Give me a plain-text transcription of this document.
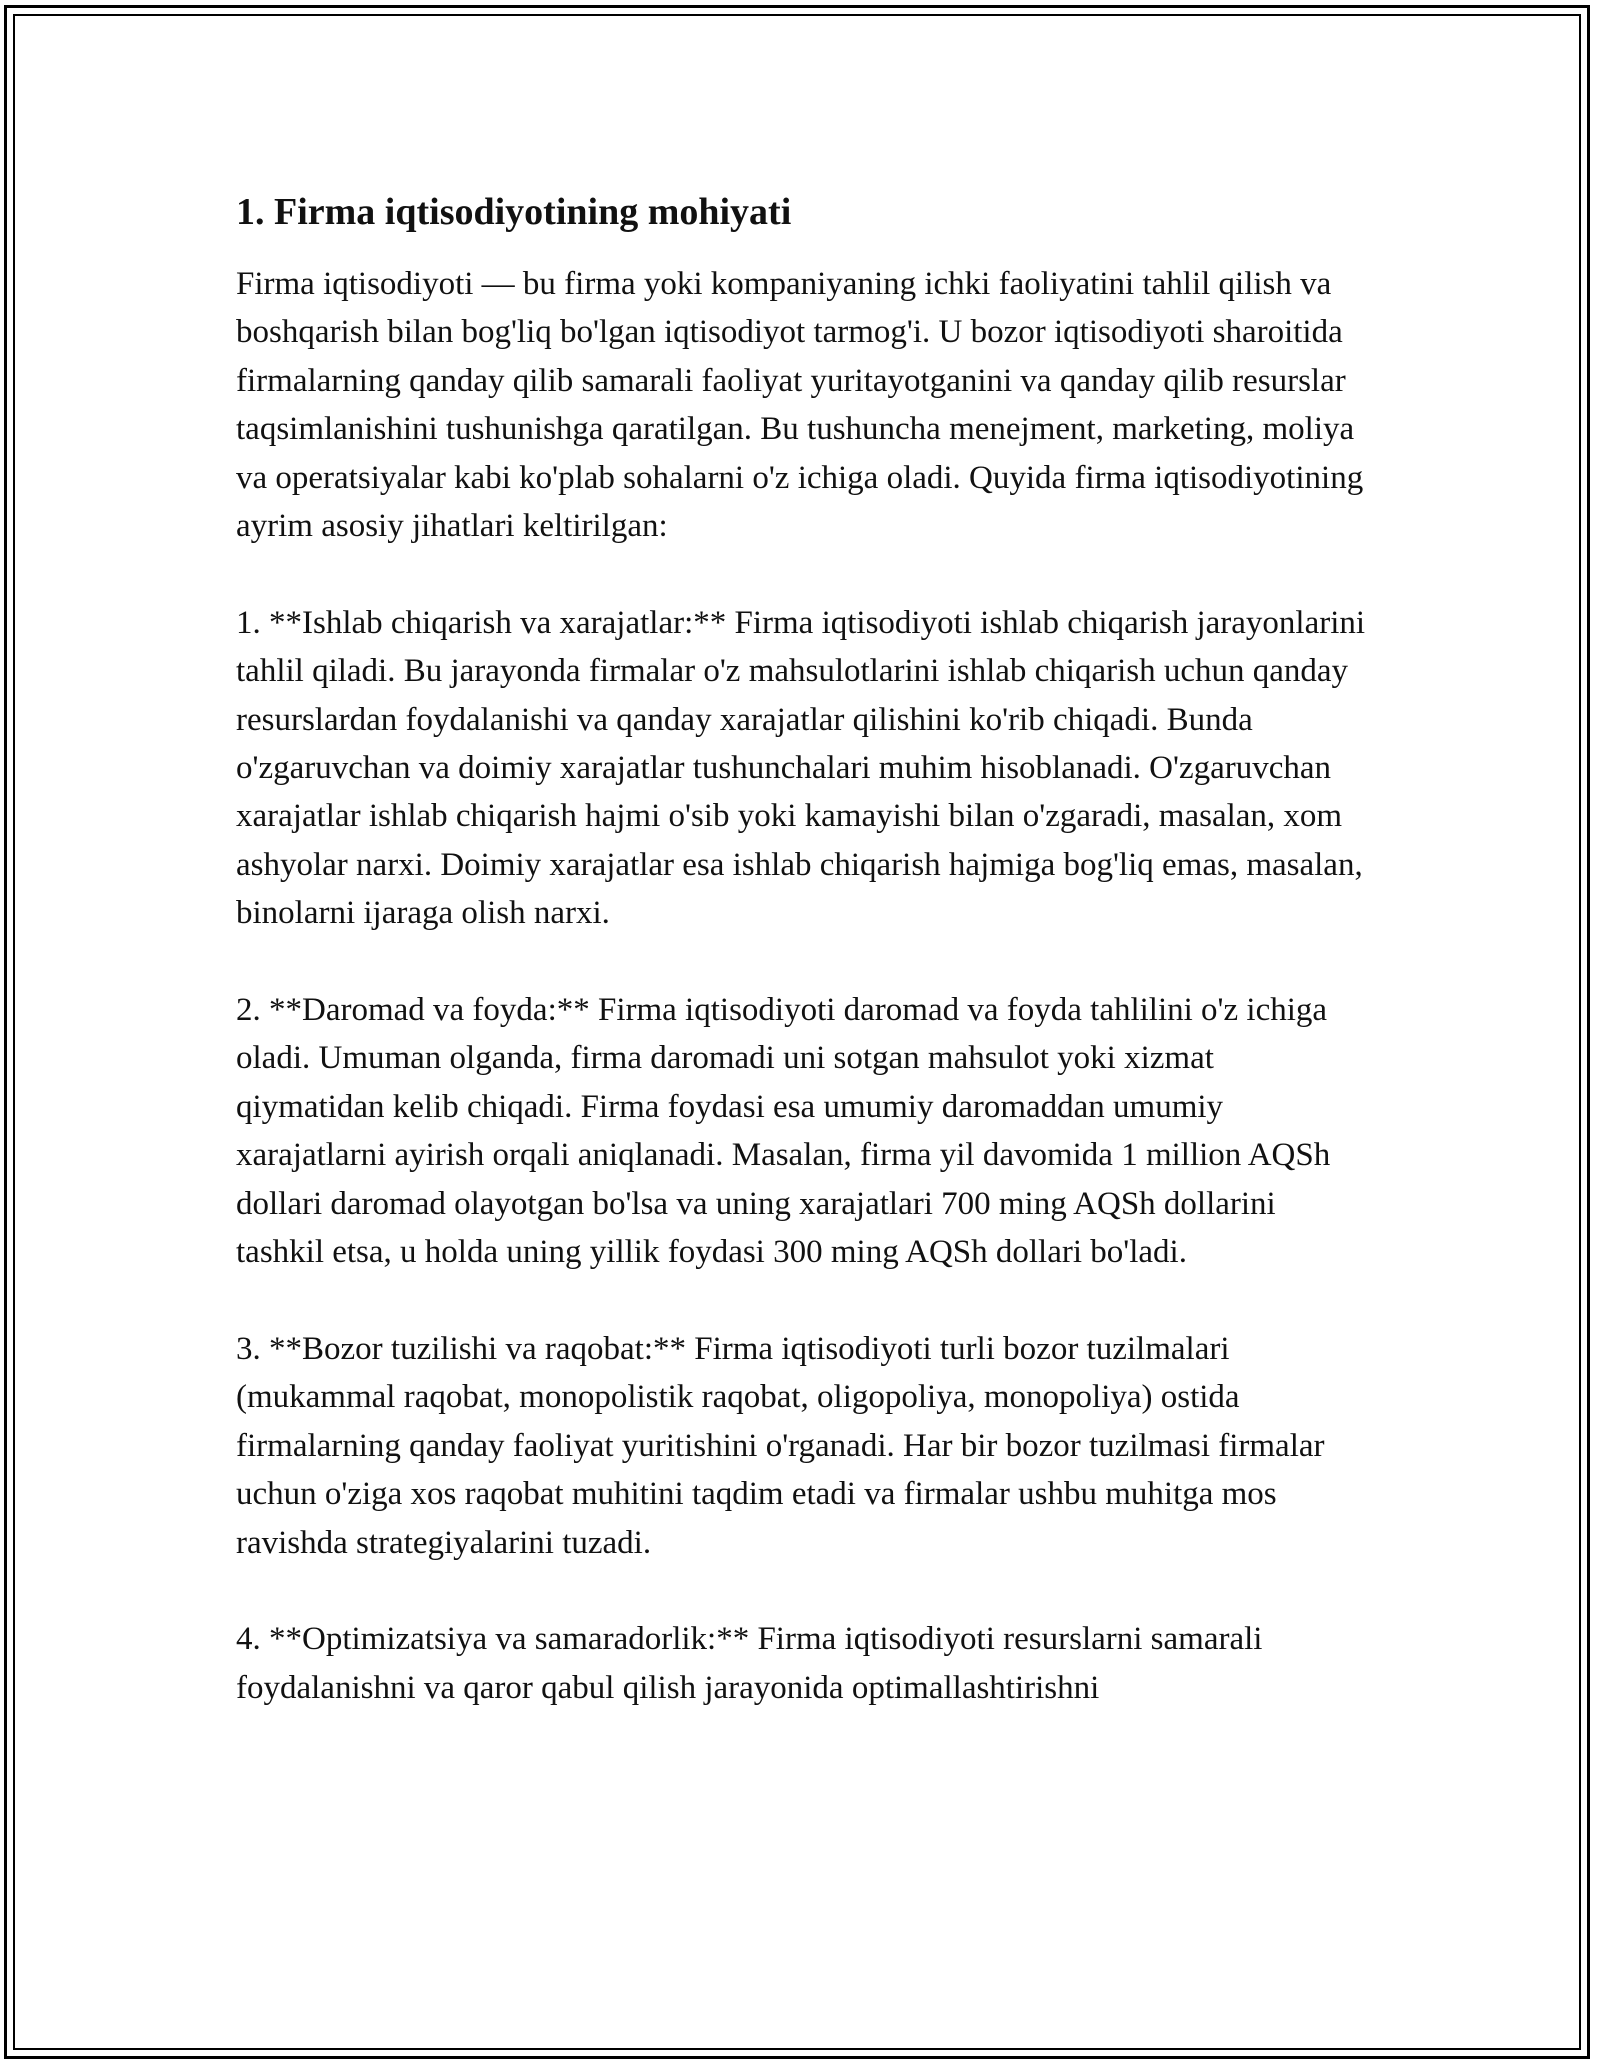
1. Firma iqtisodiyotining mohiyati

Firma iqtisodiyoti — bu firma yoki kompaniyaning ichki faoliyatini tahlil qilish va boshqarish bilan bog'liq bo'lgan iqtisodiyot tarmog'i. U bozor iqtisodiyoti sharoitida firmalarning qanday qilib samarali faoliyat yuritayotganini va qanday qilib resurslar taqsimlanishini tushunishga qaratilgan. Bu tushuncha menejment, marketing, moliya va operatsiyalar kabi ko'plab sohalarni o'z ichiga oladi. Quyida firma iqtisodiyotining ayrim asosiy jihatlari keltirilgan:

1. **Ishlab chiqarish va xarajatlar:** Firma iqtisodiyoti ishlab chiqarish jarayonlarini tahlil qiladi. Bu jarayonda firmalar o'z mahsulotlarini ishlab chiqarish uchun qanday resurslardan foydalanishi va qanday xarajatlar qilishini ko'rib chiqadi. Bunda o'zgaruvchan va doimiy xarajatlar tushunchalari muhim hisoblanadi. O'zgaruvchan xarajatlar ishlab chiqarish hajmi o'sib yoki kamayishi bilan o'zgaradi, masalan, xom ashyolar narxi. Doimiy xarajatlar esa ishlab chiqarish hajmiga bog'liq emas, masalan, binolarni ijaraga olish narxi.

2. **Daromad va foyda:** Firma iqtisodiyoti daromad va foyda tahlilini o'z ichiga oladi. Umuman olganda, firma daromadi uni sotgan mahsulot yoki xizmat qiymatidan kelib chiqadi. Firma foydasi esa umumiy daromaddan umumiy xarajatlarni ayirish orqali aniqlanadi. Masalan, firma yil davomida 1 million AQSh dollari daromad olayotgan bo'lsa va uning xarajatlari 700 ming AQSh dollarini tashkil etsa, u holda uning yillik foydasi 300 ming AQSh dollari bo'ladi.

3. **Bozor tuzilishi va raqobat:** Firma iqtisodiyoti turli bozor tuzilmalari (mukammal raqobat, monopolistik raqobat, oligopoliya, monopoliya) ostida firmalarning qanday faoliyat yuritishini o'rganadi. Har bir bozor tuzilmasi firmalar uchun o'ziga xos raqobat muhitini taqdim etadi va firmalar ushbu muhitga mos ravishda strategiyalarini tuzadi.

4. **Optimizatsiya va samaradorlik:** Firma iqtisodiyoti resurslarni samarali foydalanishni va qaror qabul qilish jarayonida optimallashtirishni
